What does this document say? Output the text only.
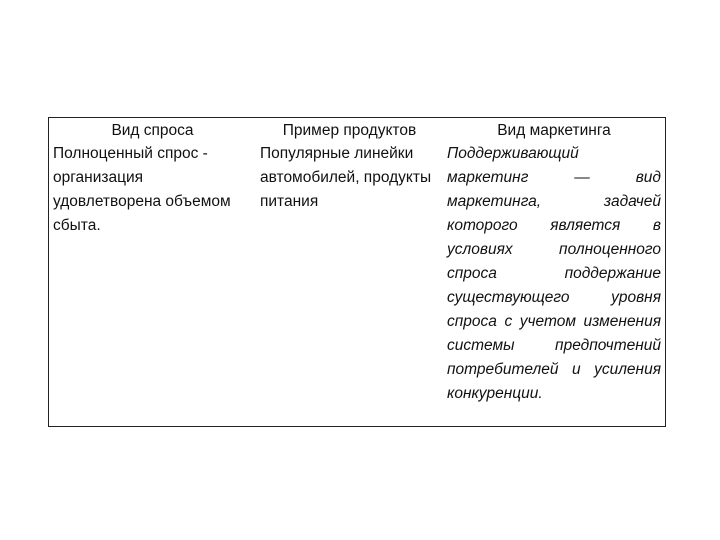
Вид спроса	Пример продуктов	Вид маркетинга
Полноценный спрос - организация удовлетворена объемом сбыта.	Популярные линейки автомобилей, продукты питания	Поддерживающий маркетинг — вид маркетинга, задачей которого является в условиях полноценного спроса поддержание существующего уровня спроса с учетом изменения системы предпочтений потребителей и усиления конкуренции.
